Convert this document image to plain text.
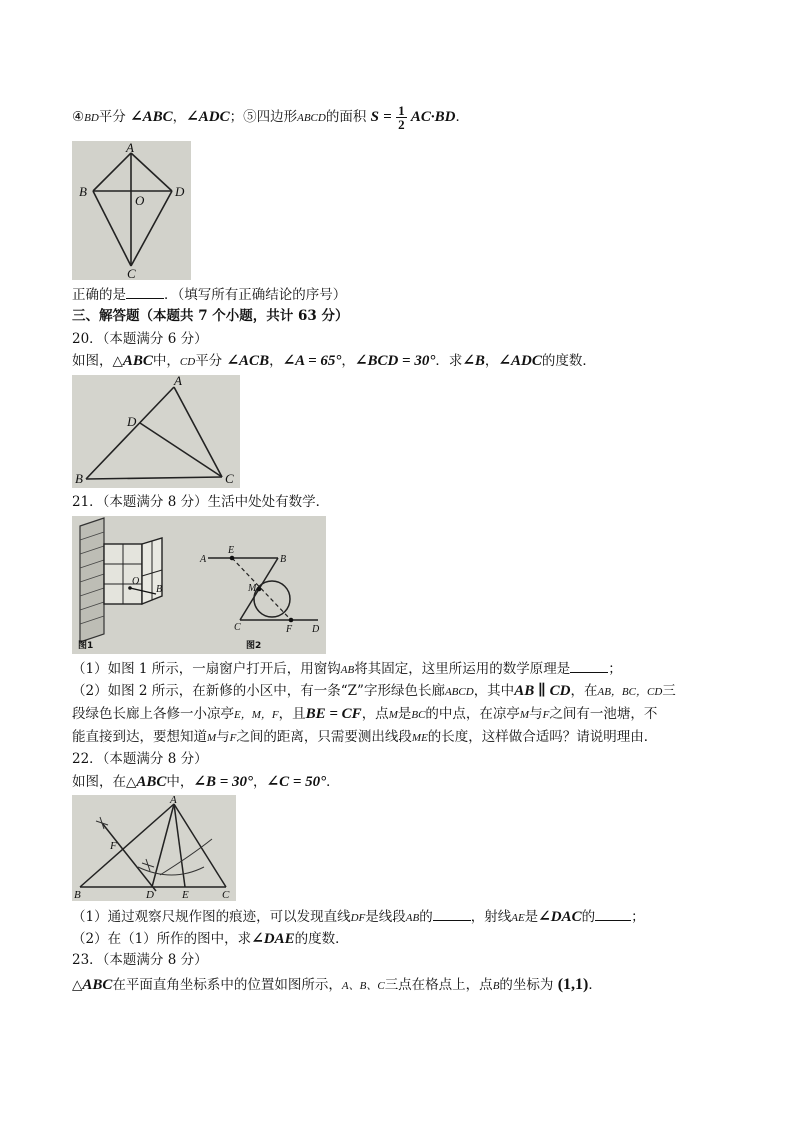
④BD平分 ∠ABC，∠ADC；⑤四边形ABCD的面积 $S = \frac{1}{2} AC\cdot BD$．
A
B
O
D
C
正确的是	．（填写所有正确结论的序号）
三、解答题（本题共 7 个小题，共计 63 分）
20．（本题满分 6 分）
如图，△ABC中，CD平分 ∠ACB，∠A = 65°，∠BCD = 30°．求∠B，∠ADC的度数．
A
D
B	C
21．（本题满分 8 分）生活中处处有数学．
O
B
图1
A
E
B
M
C	F D
图2
（1）如图 1 所示，一扇窗户打开后，用窗钩AB将其固定，这里所运用的数学原理是	；
（2）如图 2 所示，在新修的小区中，有一条“Z”字形绿色长廊ABCD，其中AB ∥ CD，在AB，BC，CD三
段绿色长廊上各修一小凉亭E，M，F，且BE = CF，点M是BC的中点，在凉亭M与F之间有一池塘，不
能直接到达，要想知道M与F之间的距离，只需要测出线段ME的长度，这样做合适吗？请说明理由．
22．（本题满分 8 分）
如图，在△ABC中，∠B = 30°，∠C = 50°．
A
F
B	D	E	C
（1）通过观察尺规作图的痕迹，可以发现直线DF是线段AB的	，射线AE是∠DAC的	；
（2）在（1）所作的图中，求∠DAE的度数．
23．（本题满分 8 分）
△ABC在平面直角坐标系中的位置如图所示，A、B、C三点在格点上，点B的坐标为 (1,1)．
